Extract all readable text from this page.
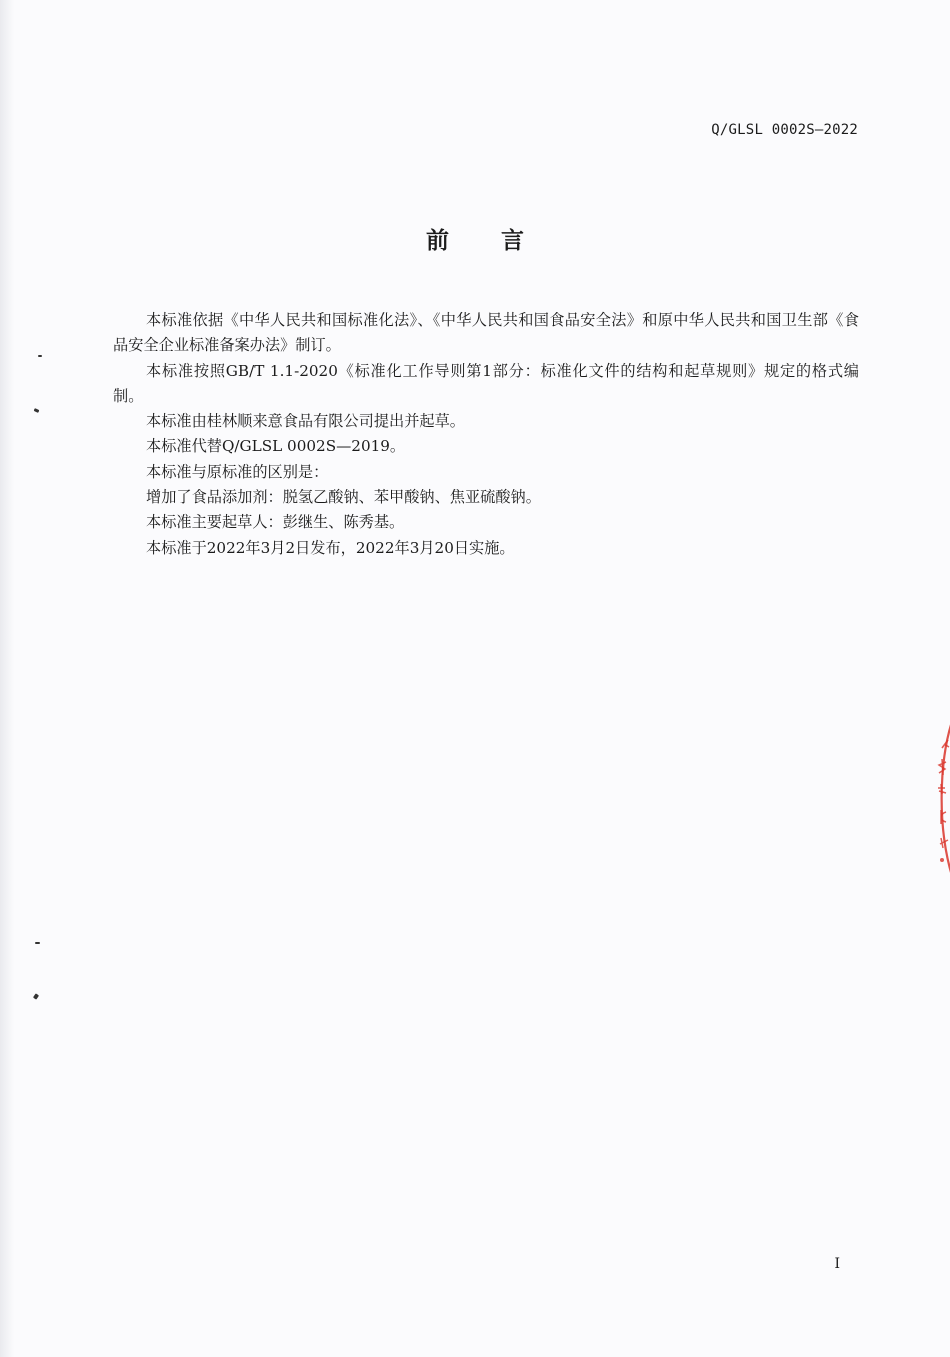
Q/GLSL 0002S—2022
前言

本标准依据《中华人民共和国标准化法》、《中华人民共和国食品安全法》和原中华人民共和国卫生部《食品安全企业标准备案办法》制订。

本标准按照GB/T 1.1-2020《标准化工作导则第1部分：标准化文件的结构和起草规则》规定的格式编制。

本标准由桂林顺来意食品有限公司提出并起草。

本标准代替Q/GLSL 0002S—2019。

本标准与原标准的区别是：

增加了食品添加剂：脱氢乙酸钠、苯甲酸钠、焦亚硫酸钠。

本标准主要起草人：彭继生、陈秀基。

本标准于2022年3月2日发布，2022年3月20日实施。

I
